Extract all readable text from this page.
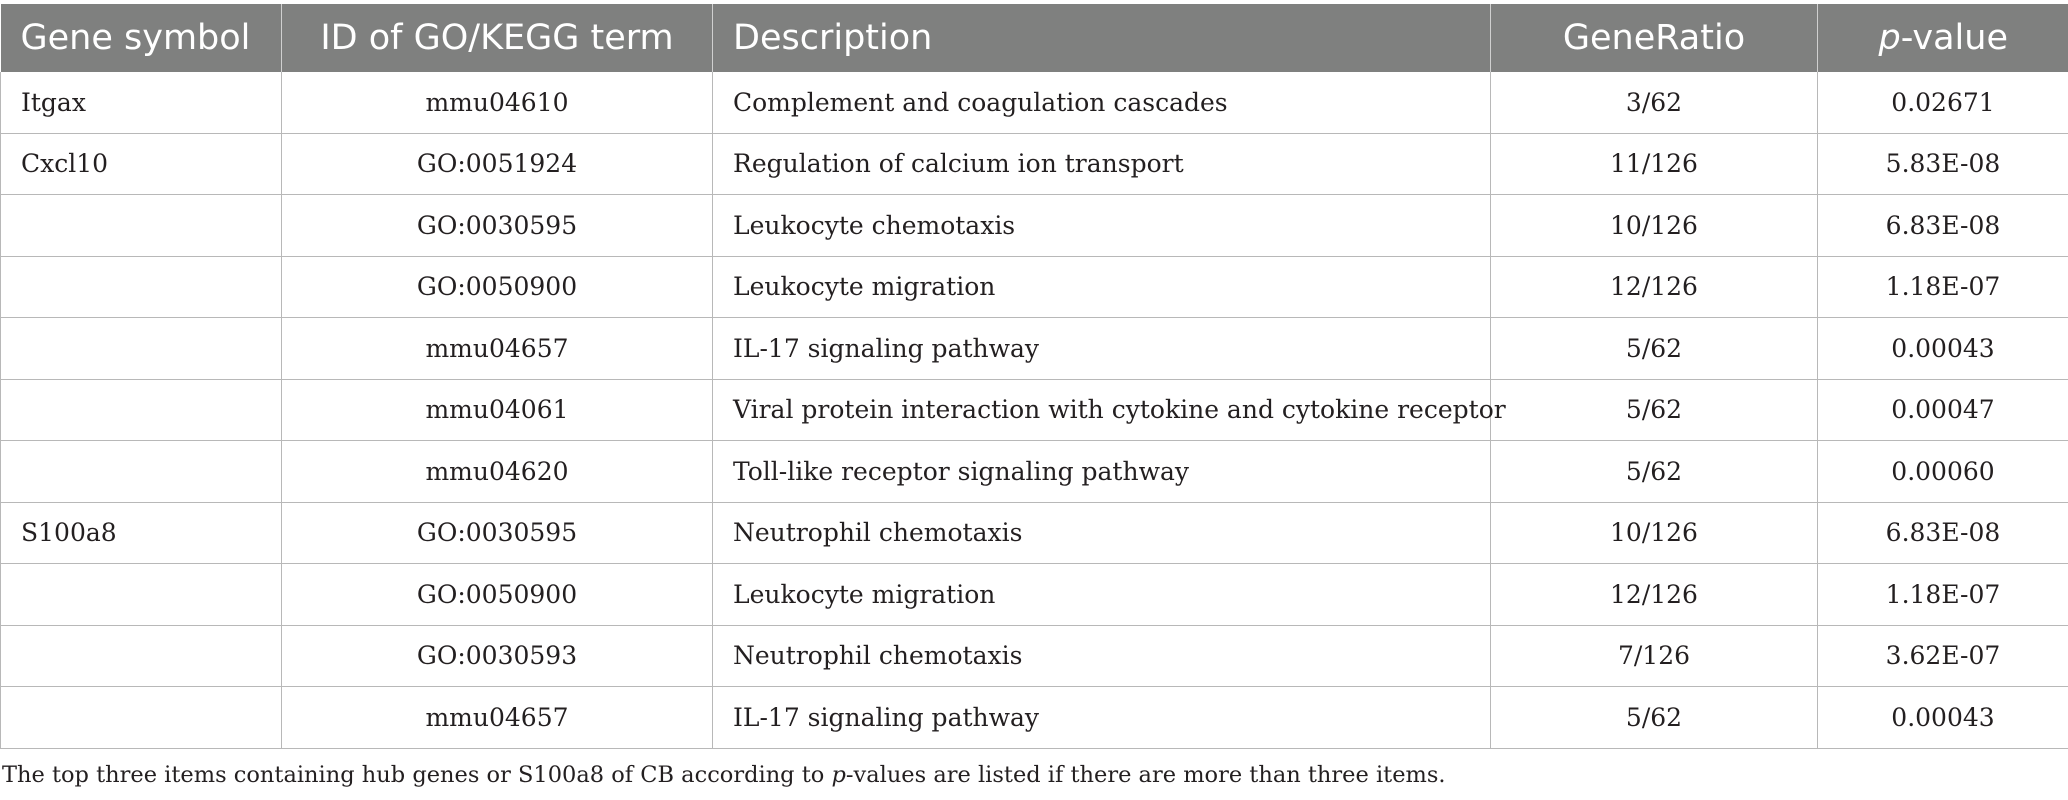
Gene symbol	ID of GO/KEGG term	Description	GeneRatio	p-value
Itgax	mmu04610	Complement and coagulation cascades	3/62	0.02671
Cxcl10	GO:0051924	Regulation of calcium ion transport	11/126	5.83E-08
	GO:0030595	Leukocyte chemotaxis	10/126	6.83E-08
	GO:0050900	Leukocyte migration	12/126	1.18E-07
	mmu04657	IL-17 signaling pathway	5/62	0.00043
	mmu04061	Viral protein interaction with cytokine and cytokine receptor	5/62	0.00047
	mmu04620	Toll-like receptor signaling pathway	5/62	0.00060
S100a8	GO:0030595	Neutrophil chemotaxis	10/126	6.83E-08
	GO:0050900	Leukocyte migration	12/126	1.18E-07
	GO:0030593	Neutrophil chemotaxis	7/126	3.62E-07
	mmu04657	IL-17 signaling pathway	5/62	0.00043
The top three items containing hub genes or S100a8 of CB according to p-values are listed if there are more than three items.
